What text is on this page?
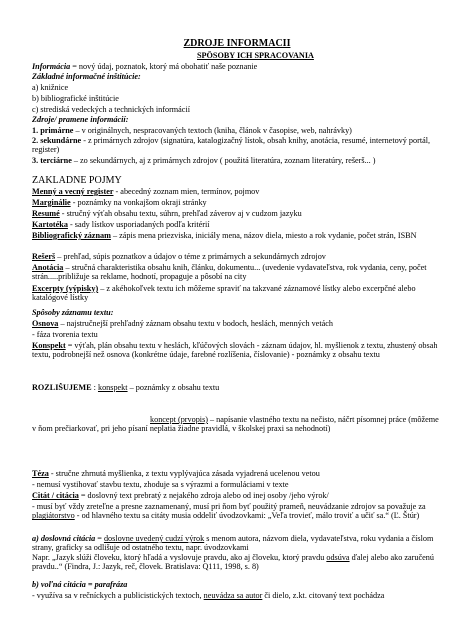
ZDROJE INFORMÁCIÍ
SPÔSOBY ICH SPRACOVANIA
Informácia = nový údaj, poznatok, ktorý má obohatiť naše poznanie
Základné informačné inštitúcie:
a) knižnice
b) bibliografické inštitúcie
c) strediská vedeckých a technických informácií
Zdroje/ pramene informácií:
1. primárne – v originálnych, nespracovaných textoch (kniha, článok v časopise, web, nahrávky)
2. sekundárne - z primárnych zdrojov (signatúra, katalogizačný lístok, obsah knihy, anotácia, resumé, internetový portál, register)
3. terciárne – zo sekundárnych, aj z primárnych zdrojov ( použitá literatúra, zoznam literatúry, rešerš... )
ZÁKLADNÉ POJMY
Menný a vecný register - abecedný zoznam mien, termínov, pojmov
Marginálie - poznámky na vonkajšom okraji stránky
Resumé - stručný výťah obsahu textu, súhrn, prehľad záverov aj v cudzom jazyku
Kartotéka - sady lístkov usporiadaných podľa kritérií
Bibliografický záznam – zápis mena priezviska, iniciály mena, názov diela, miesto a rok vydanie, počet strán, ISBN
Rešerš – prehľad, súpis poznatkov a údajov o téme z primárnych a sekundárnych zdrojov
Anotácia – stručná charakteristika obsahu knih, článku, dokumentu... (uvedenie vydavateľstva, rok vydania, ceny, počet strán.....približuje sa reklame, hodnotí, propaguje a pôsobí na city
Excerpty (výpisky) – z akéhokoľvek textu ich môžeme spraviť na takzvané záznamové lístky alebo excerpčné alebo katalógové lístky
Spôsoby záznamu textu:
Osnova – najstručnejší prehľadný záznam obsahu textu v bodoch, heslách, menných vetách
- fáza tvorenia textu
Konspekt = výťah, plán obsahu textu v heslách, kľúčových slovách - záznam údajov, hl. myšlienok z textu, zhustený obsah textu, podrobnejší než osnova (konkrétne údaje, farebné rozlíšenia, číslovanie) - poznámky z obsahu textu
ROZLIŠUJEME : konspekt – poznámky z obsahu textu
koncept (prvopis) – napísanie vlastného textu na nečisto, náčrt písomnej práce (môžeme v ňom prečiarkovať, pri jeho písaní neplatia žiadne pravidlá, v školskej praxi sa nehodnotí)
Téza - stručne zhrnutá myšlienka, z textu vyplývajúca zásada vyjadrená ucelenou vetou
- nemusí vystihovať stavbu textu, zhoduje sa s výrazmi a formuláciami v texte
Citát / citácia = doslovný text prebratý z nejakého zdroja alebo od inej osoby /jeho výrok/
- musí byť vždy zreteľne a presne zaznamenaný, musí pri ňom byť použitý prameň, neuvádzanie zdrojov sa považuje za plagiátorstvo - od hlavného textu sa citáty musia oddeliť úvodzovkami: „Veľa trovieť, málo troviť a učiť sa.“ (Ľ. Štúr)
a) doslovná citácia = doslovne uvedený cudzí výrok s menom autora, názvom diela, vydavateľstva, roku vydania a číslom strany, graficky sa odlišuje od ostatného textu, napr. úvodzovkami
Napr. „Jazyk slúži človeku, ktorý hľadá a vyslovuje pravdu, ako aj človeku, ktorý pravdu odsúva ďalej alebo ako zaručenú pravdu..“ (Findra, J.: Jazyk, reč, človek. Bratislava: Q111, 1998, s. 8)
b) voľná citácia = parafráza
- využíva sa v rečníckych a publicistických textoch, neuvádza sa autor či dielo, z.kt. citovaný text pochádza
